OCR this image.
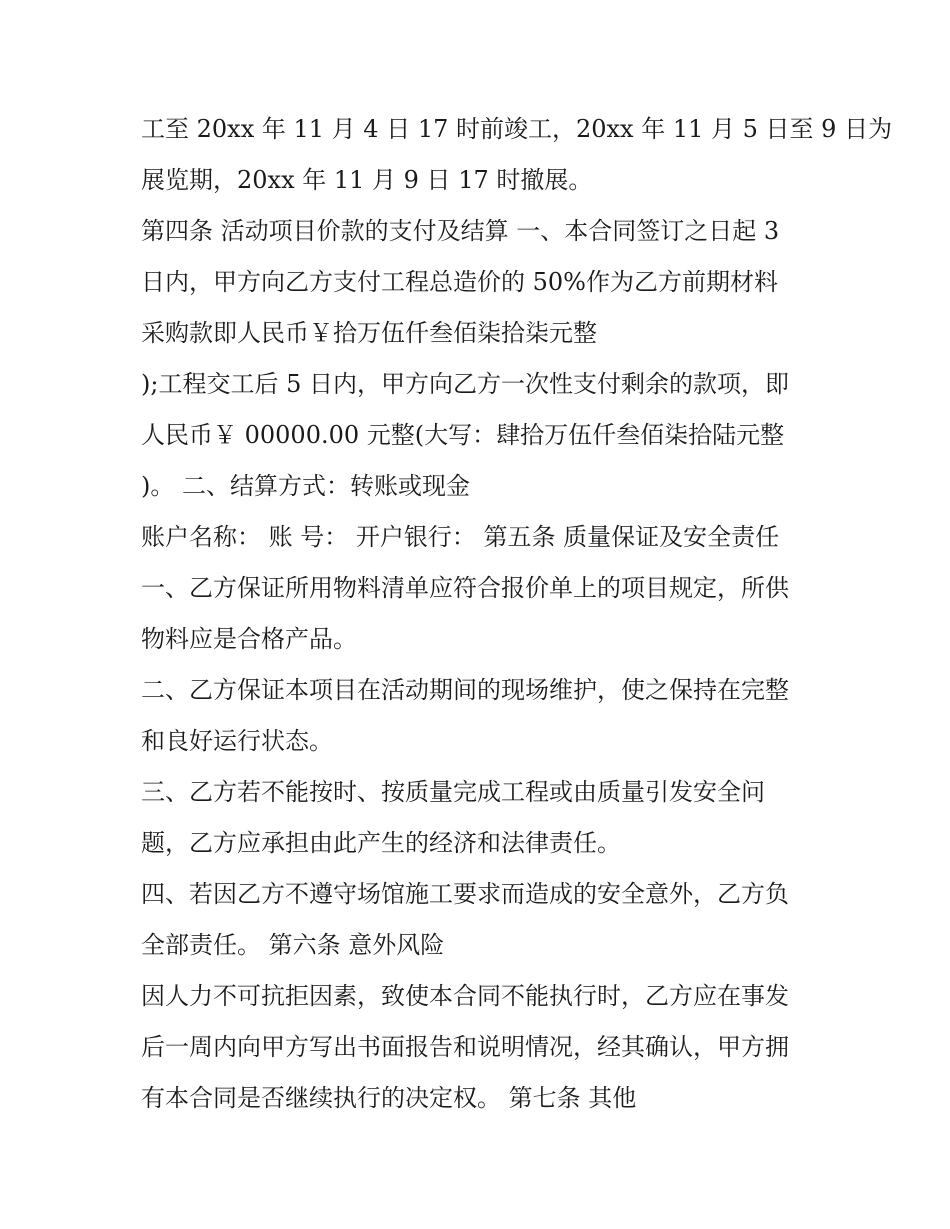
工至 20xx 年 11 月 4 日 17 时前竣工，20xx 年 11 月 5 日至 9 日为
展览期，20xx 年 11 月 9 日 17 时撤展。
第四条 活动项目价款的支付及结算 一、本合同签订之日起 3
日内，甲方向乙方支付工程总造价的 50%作为乙方前期材料
采购款即人民币￥拾万伍仟叁佰柒拾柒元整
);工程交工后 5 日内，甲方向乙方一次性支付剩余的款项，即
人民币￥ 00000.00 元整(大写：肆拾万伍仟叁佰柒拾陆元整
)。 二、结算方式：转账或现金
账户名称： 账 号： 开户银行： 第五条 质量保证及安全责任
一、乙方保证所用物料清单应符合报价单上的项目规定，所供
物料应是合格产品。
二、乙方保证本项目在活动期间的现场维护，使之保持在完整
和良好运行状态。
三、乙方若不能按时、按质量完成工程或由质量引发安全问
题，乙方应承担由此产生的经济和法律责任。
四、若因乙方不遵守场馆施工要求而造成的安全意外，乙方负
全部责任。 第六条 意外风险
因人力不可抗拒因素，致使本合同不能执行时，乙方应在事发
后一周内向甲方写出书面报告和说明情况，经其确认，甲方拥
有本合同是否继续执行的决定权。 第七条 其他
